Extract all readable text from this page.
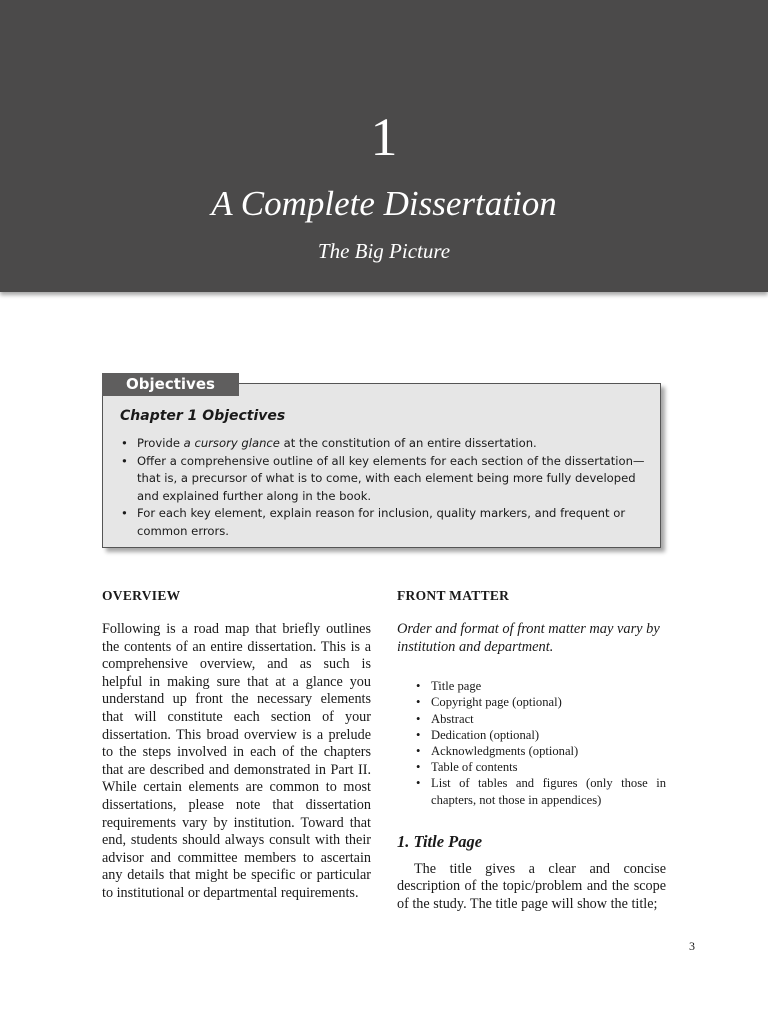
1
A Complete Dissertation
The Big Picture
Objectives

Chapter 1 Objectives

• Provide a cursory glance at the constitution of an entire dissertation.
• Offer a comprehensive outline of all key elements for each section of the dissertation—that is, a precursor of what is to come, with each element being more fully developed and explained further along in the book.
• For each key element, explain reason for inclusion, quality markers, and frequent or common errors.
OVERVIEW

Following is a road map that briefly outlines the contents of an entire dissertation. This is a comprehensive overview, and as such is helpful in making sure that at a glance you understand up front the necessary elements that will constitute each section of your dissertation. This broad overview is a prelude to the steps involved in each of the chapters that are described and demonstrated in Part II. While certain elements are common to most dissertations, please note that dissertation requirements vary by institution. Toward that end, students should always consult with their advisor and committee members to ascertain any details that might be specific or particular to institutional or departmental requirements.

FRONT MATTER

Order and format of front matter may vary by institution and department.

• Title page
• Copyright page (optional)
• Abstract
• Dedication (optional)
• Acknowledgments (optional)
• Table of contents
• List of tables and figures (only those in chapters, not those in appendices)
1. Title Page

The title gives a clear and concise description of the topic/problem and the scope of the study. The title page will show the title;

3
